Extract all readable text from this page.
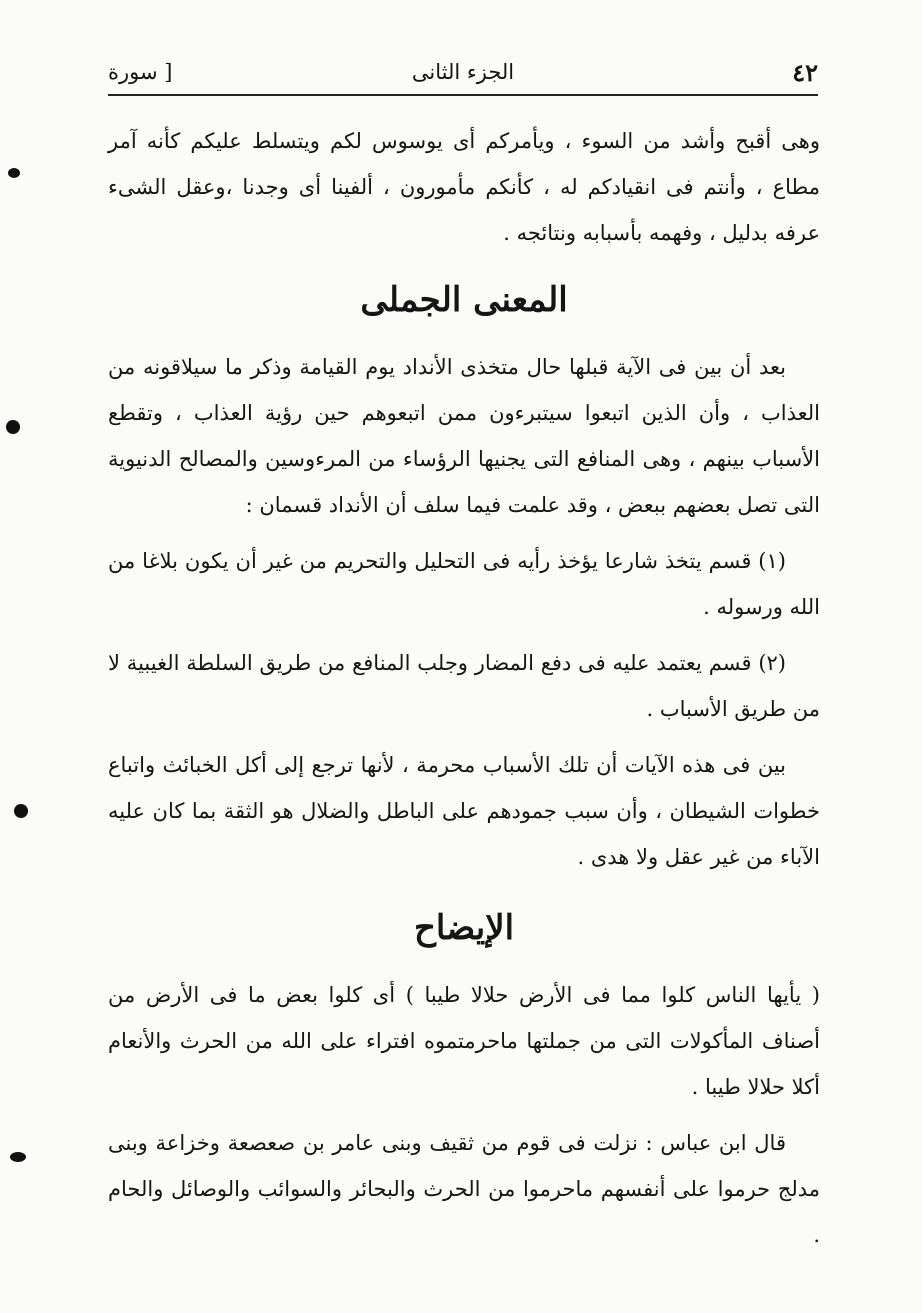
٤٢
الجزء الثانى
[ سورة

وهى أقبح وأشد من السوء ، ويأمركم أى يوسوس لكم ويتسلط عليكم كأنه آمر مطاع ، وأنتم فى انقيادكم له ، كأنكم مأمورون ، ألفينا أى وجدنا ،وعقل الشىء عرفه بدليل ، وفهمه بأسبابه ونتائجه .

المعنى الجملى

بعد أن بين فى الآية قبلها حال متخذى الأنداد يوم القيامة وذكر ما سيلاقونه من العذاب ، وأن الذين اتبعوا سيتبرءون ممن اتبعوهم حين رؤية العذاب ، وتقطع الأسباب بينهم ، وهى المنافع التى يجنيها الرؤساء من المرءوسين والمصالح الدنيوية التى تصل بعضهم ببعض ، وقد علمت فيما سلف أن الأنداد قسمان :

(١) قسم يتخذ شارعا يؤخذ رأيه فى التحليل والتحريم من غير أن يكون بلاغا من الله ورسوله .

(٢) قسم يعتمد عليه فى دفع المضار وجلب المنافع من طريق السلطة الغيبية لا من طريق الأسباب .

بين فى هذه الآيات أن تلك الأسباب محرمة ، لأنها ترجع إلى أكل الخبائث واتباع خطوات الشيطان ، وأن سبب جمودهم على الباطل والضلال هو الثقة بما كان عليه الآباء من غير عقل ولا هدى .

الإيضاح

( يأيها الناس كلوا مما فى الأرض حلالا طيبا ) أى كلوا بعض ما فى الأرض من أصناف المأكولات التى من جملتها ماحرمتموه افتراء على الله من الحرث والأنعام أكلا حلالا طيبا .

قال ابن عباس : نزلت فى قوم من ثقيف وبنى عامر بن صعصعة وخزاعة وبنى مدلج حرموا على أنفسهم ماحرموا من الحرث والبحائر والسوائب والوصائل والحام .
